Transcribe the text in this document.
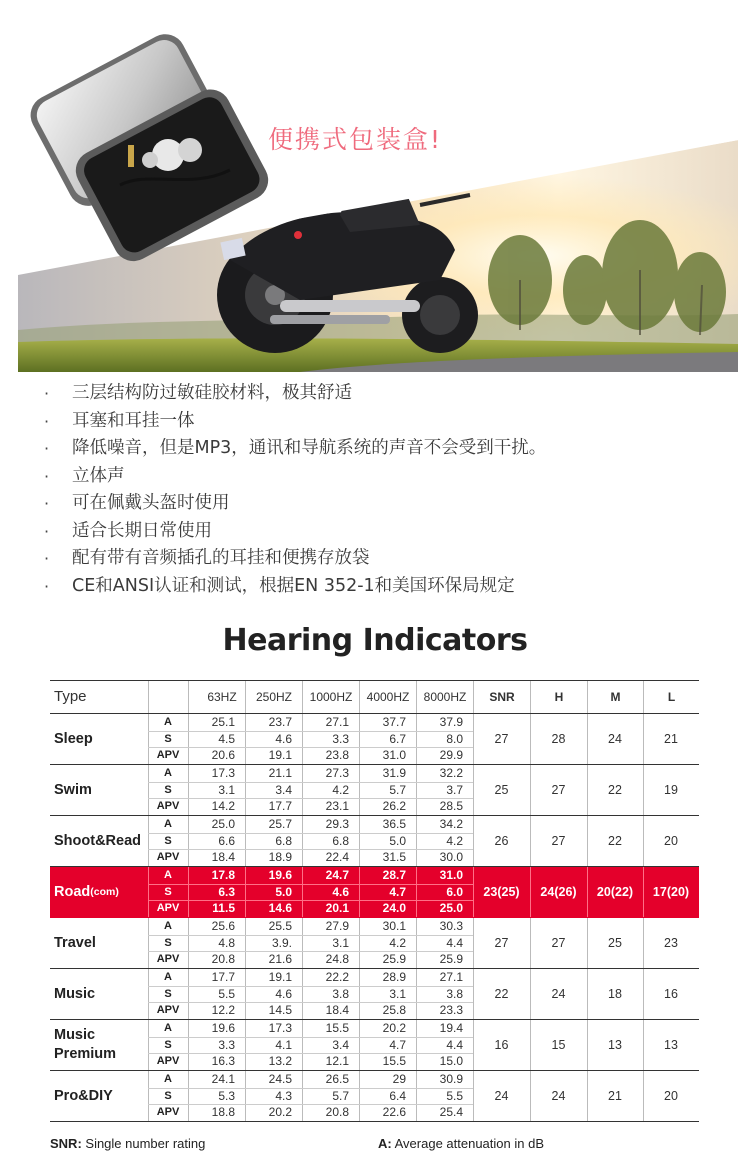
便携式包装盒!
·	三层结构防过敏硅胶材料，极其舒适
·	耳塞和耳挂一体
·	降低噪音，但是MP3，通讯和导航系统的声音不会受到干扰。
·	立体声
·	可在佩戴头盔时使用
·	适合长期日常使用
·	配有带有音频插孔的耳挂和便携存放袋
·	CE和ANSI认证和测试，根据EN 352-1和美国环保局规定
Hearing Indicators
Type	63HZ	250HZ	1000HZ	4000HZ	8000HZ	SNR	H	M	L
Sleep
A	25.1	23.7	27.1	37.7	37.9
S	4.5	4.6	3.3	6.7	8.0
APV	20.6	19.1	23.8	31.0	29.9
27	28	24	21
Swim
A	17.3	21.1	27.3	31.9	32.2
S	3.1	3.4	4.2	5.7	3.7
APV	14.2	17.7	23.1	26.2	28.5
25	27	22	19
Shoot&Read
A	25.0	25.7	29.3	36.5	34.2
S	6.6	6.8	6.8	5.0	4.2
APV	18.4	18.9	22.4	31.5	30.0
26	27	22	20
Road (com)
A	17.8	19.6	24.7	28.7	31.0
S	6.3	5.0	4.6	4.7	6.0
APV	11.5	14.6	20.1	24.0	25.0
23(25)	24(26)	20(22)	17(20)
Travel
A	25.6	25.5	27.9	30.1	30.3
S	4.8	3.9.	3.1	4.2	4.4
APV	20.8	21.6	24.8	25.9	25.9
27	27	25	23
Music
A	17.7	19.1	22.2	28.9	27.1
S	5.5	4.6	3.8	3.1	3.8
APV	12.2	14.5	18.4	25.8	23.3
22	24	18	16
Music Premium
A	19.6	17.3	15.5	20.2	19.4
S	3.3	4.1	3.4	4.7	4.4
APV	16.3	13.2	12.1	15.5	15.0
16	15	13	13
Pro&DIY
A	24.1	24.5	26.5	29	30.9
S	5.3	4.3	5.7	6.4	5.5
APV	18.8	20.2	20.8	22.6	25.4
24	24	21	20
SNR: Single number rating	A: Average attenuation in dB
